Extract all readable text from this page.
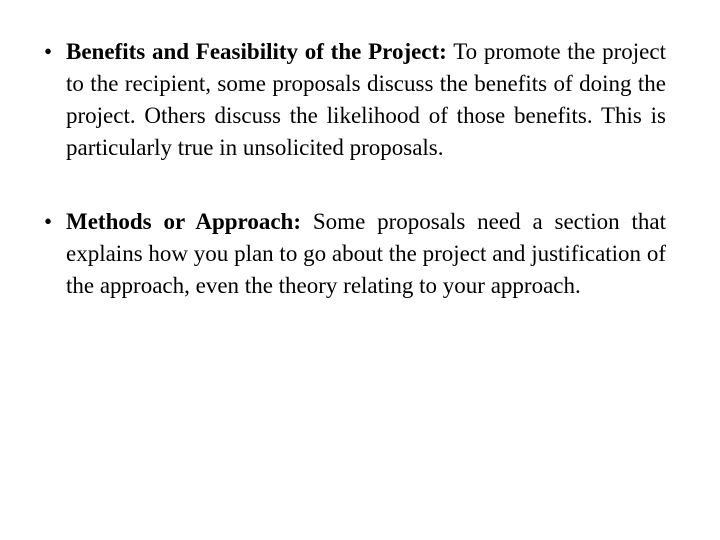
• Benefits and Feasibility of the Project: To promote the project to the recipient, some proposals discuss the benefits of doing the project. Others discuss the likelihood of those benefits. This is particularly true in unsolicited proposals.
• Methods or Approach: Some proposals need a section that explains how you plan to go about the project and justification of the approach, even the theory relating to your approach.
